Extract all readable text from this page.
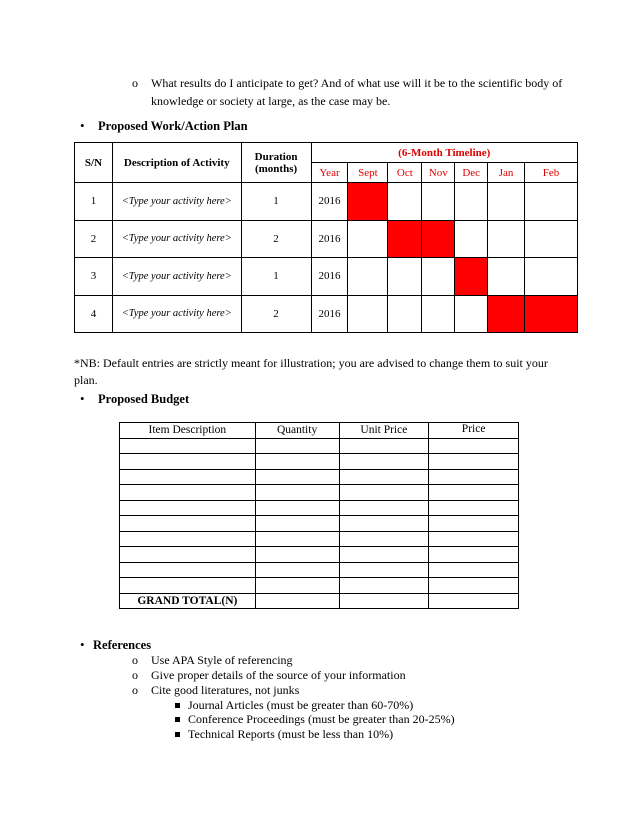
o What results do I anticipate to get? And of what use will it be to the scientific body of knowledge or society at large, as the case may be.
• Proposed Work/Action Plan
S/N	Description of Activity	Duration (months)	(6-Month Timeline)						
			Year	Sept	Oct	Nov	Dec	Jan	Feb
1	<Type your activity here>	1	2016						
2	<Type your activity here>	2	2016						
3	<Type your activity here>	1	2016						
4	<Type your activity here>	2	2016						
*NB: Default entries are strictly meant for illustration; you are advised to change them to suit your plan.
• Proposed Budget
Item Description	Quantity	Unit Price	Price

GRAND TOTAL(N)			
• References
o Use APA Style of referencing
o Give proper details of the source of your information
o Cite good literatures, not junks
Journal Articles (must be greater than 60-70%)
Conference Proceedings (must be greater than 20-25%)
Technical Reports (must be less than 10%)
